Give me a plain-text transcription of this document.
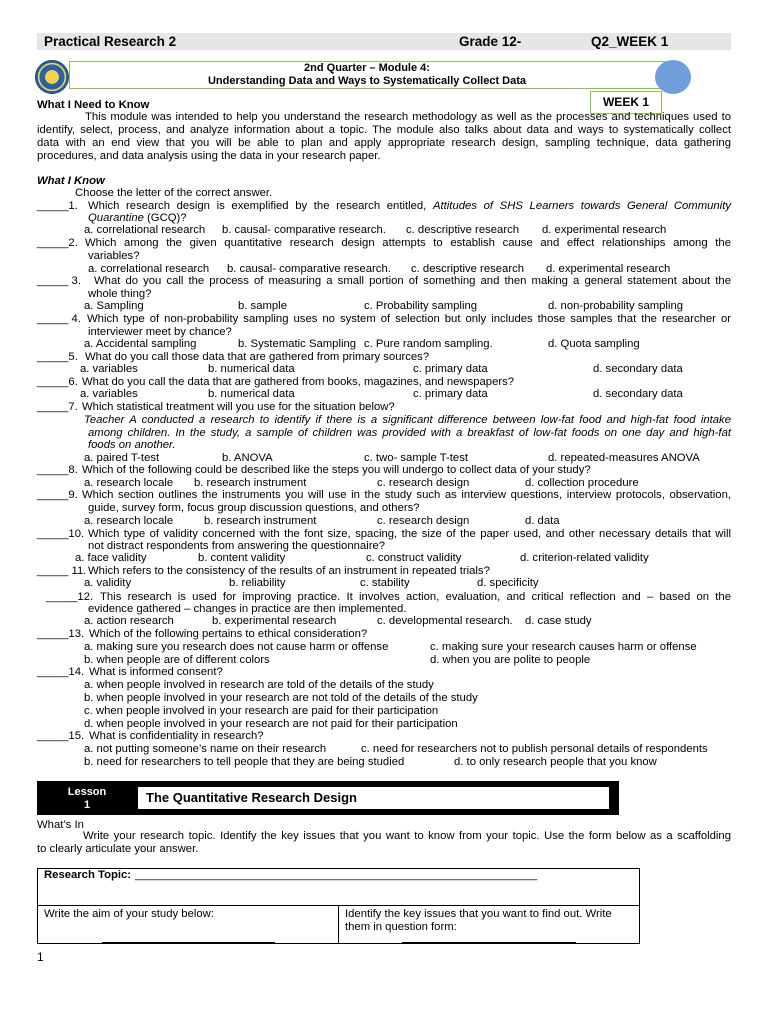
Practical Research 2	Grade 12-	Q2_WEEK 1
2nd Quarter – Module 4:
Understanding Data and Ways to Systematically Collect Data
WEEK 1
What I Need to Know
This module was intended to help you understand the research methodology as well as the processes and techniques used to
identify, select, process, and analyze information about a topic. The module also talks about data and ways to systematically collect
data with an end view that you will be able to plan and apply appropriate research design, sampling technique, data gathering
procedures, and data analysis using the data in your research paper.
What I Know
Choose the letter of the correct answer.
_____1. Which research design is exemplified by the research entitled, Attitudes of SHS Learners towards General Community
Quarantine (GCQ)?
a. correlational research b. causal- comparative research. c. descriptive research d. experimental research
_____2. Which among the given quantitative research design attempts to establish cause and effect relationships among the
variables?
a. correlational research b. causal- comparative research. c. descriptive research d. experimental research
_____ 3. What do you call the process of measuring a small portion of something and then making a general statement about the
whole thing?
a. Sampling	b. sample	c. Probability sampling	d. non-probability sampling
_____ 4. Which type of non-probability sampling uses no system of selection but only includes those samples that the researcher or
interviewer meet by chance?
a. Accidental sampling	b. Systematic Sampling c. Pure random sampling.	d. Quota sampling
_____5. What do you call those data that are gathered from primary sources?
a. variables	b. numerical data	c. primary data	d. secondary data
_____6. What do you call the data that are gathered from books, magazines, and newspapers?
a. variables	b. numerical data	c. primary data	d. secondary data
_____7. Which statistical treatment will you use for the situation below?
Teacher A conducted a research to identify if there is a significant difference between low-fat food and high-fat food intake
among children. In the study, a sample of children was provided with a breakfast of low-fat foods on one day and high-fat
foods on another.
a. paired T-test	b. ANOVA	c. two- sample T-test	d. repeated-measures ANOVA
_____8. Which of the following could be described like the steps you will undergo to collect data of your study?
a. research locale b. research instrument	c. research design	d. collection procedure
_____9. Which section outlines the instruments you will use in the study such as interview questions, interview protocols, observation,
guide, survey form, focus group discussion questions, and others?
a. research locale	b. research instrument	c. research design	d. data
_____10. Which type of validity concerned with the font size, spacing, the size of the paper used, and other necessary details that will
not distract respondents from answering the questionnaire?
a. face validity	b. content validity	c. construct validity	d. criterion-related validity
_____ 11. Which refers to the consistency of the results of an instrument in repeated trials?
a. validity	b. reliability	c. stability	d. specificity
_____12. This research is used for improving practice. It involves action, evaluation, and critical reflection and – based on the
evidence gathered – changes in practice are then implemented.
a. action research	b. experimental research	c. developmental research. d. case study
_____13. Which of the following pertains to ethical consideration?
a. making sure you research does not cause harm or offense	c. making sure your research causes harm or offense
b. when people are of different colors	d. when you are polite to people
_____14. What is informed consent?
a. when people involved in research are told of the details of the study
b. when people involved in your research are not told of the details of the study
c. when people involved in your research are paid for their participation
d. when people involved in your research are not paid for their participation
_____15. What is confidentiality in research?
a. not putting someone’s name on their research	c. need for researchers not to publish personal details of respondents
b. need for researchers to tell people that they are being studied	d. to only research people that you know
Lesson
1	The Quantitative Research Design
What’s In
Write your research topic. Identify the key issues that you want to know from your topic. Use the form below as a scaffolding
to clearly articulate your answer.
Research Topic: ________________________________________________________________
Write the aim of your study below:	Identify the key issues that you want to find out. Write
them in question form:
1
